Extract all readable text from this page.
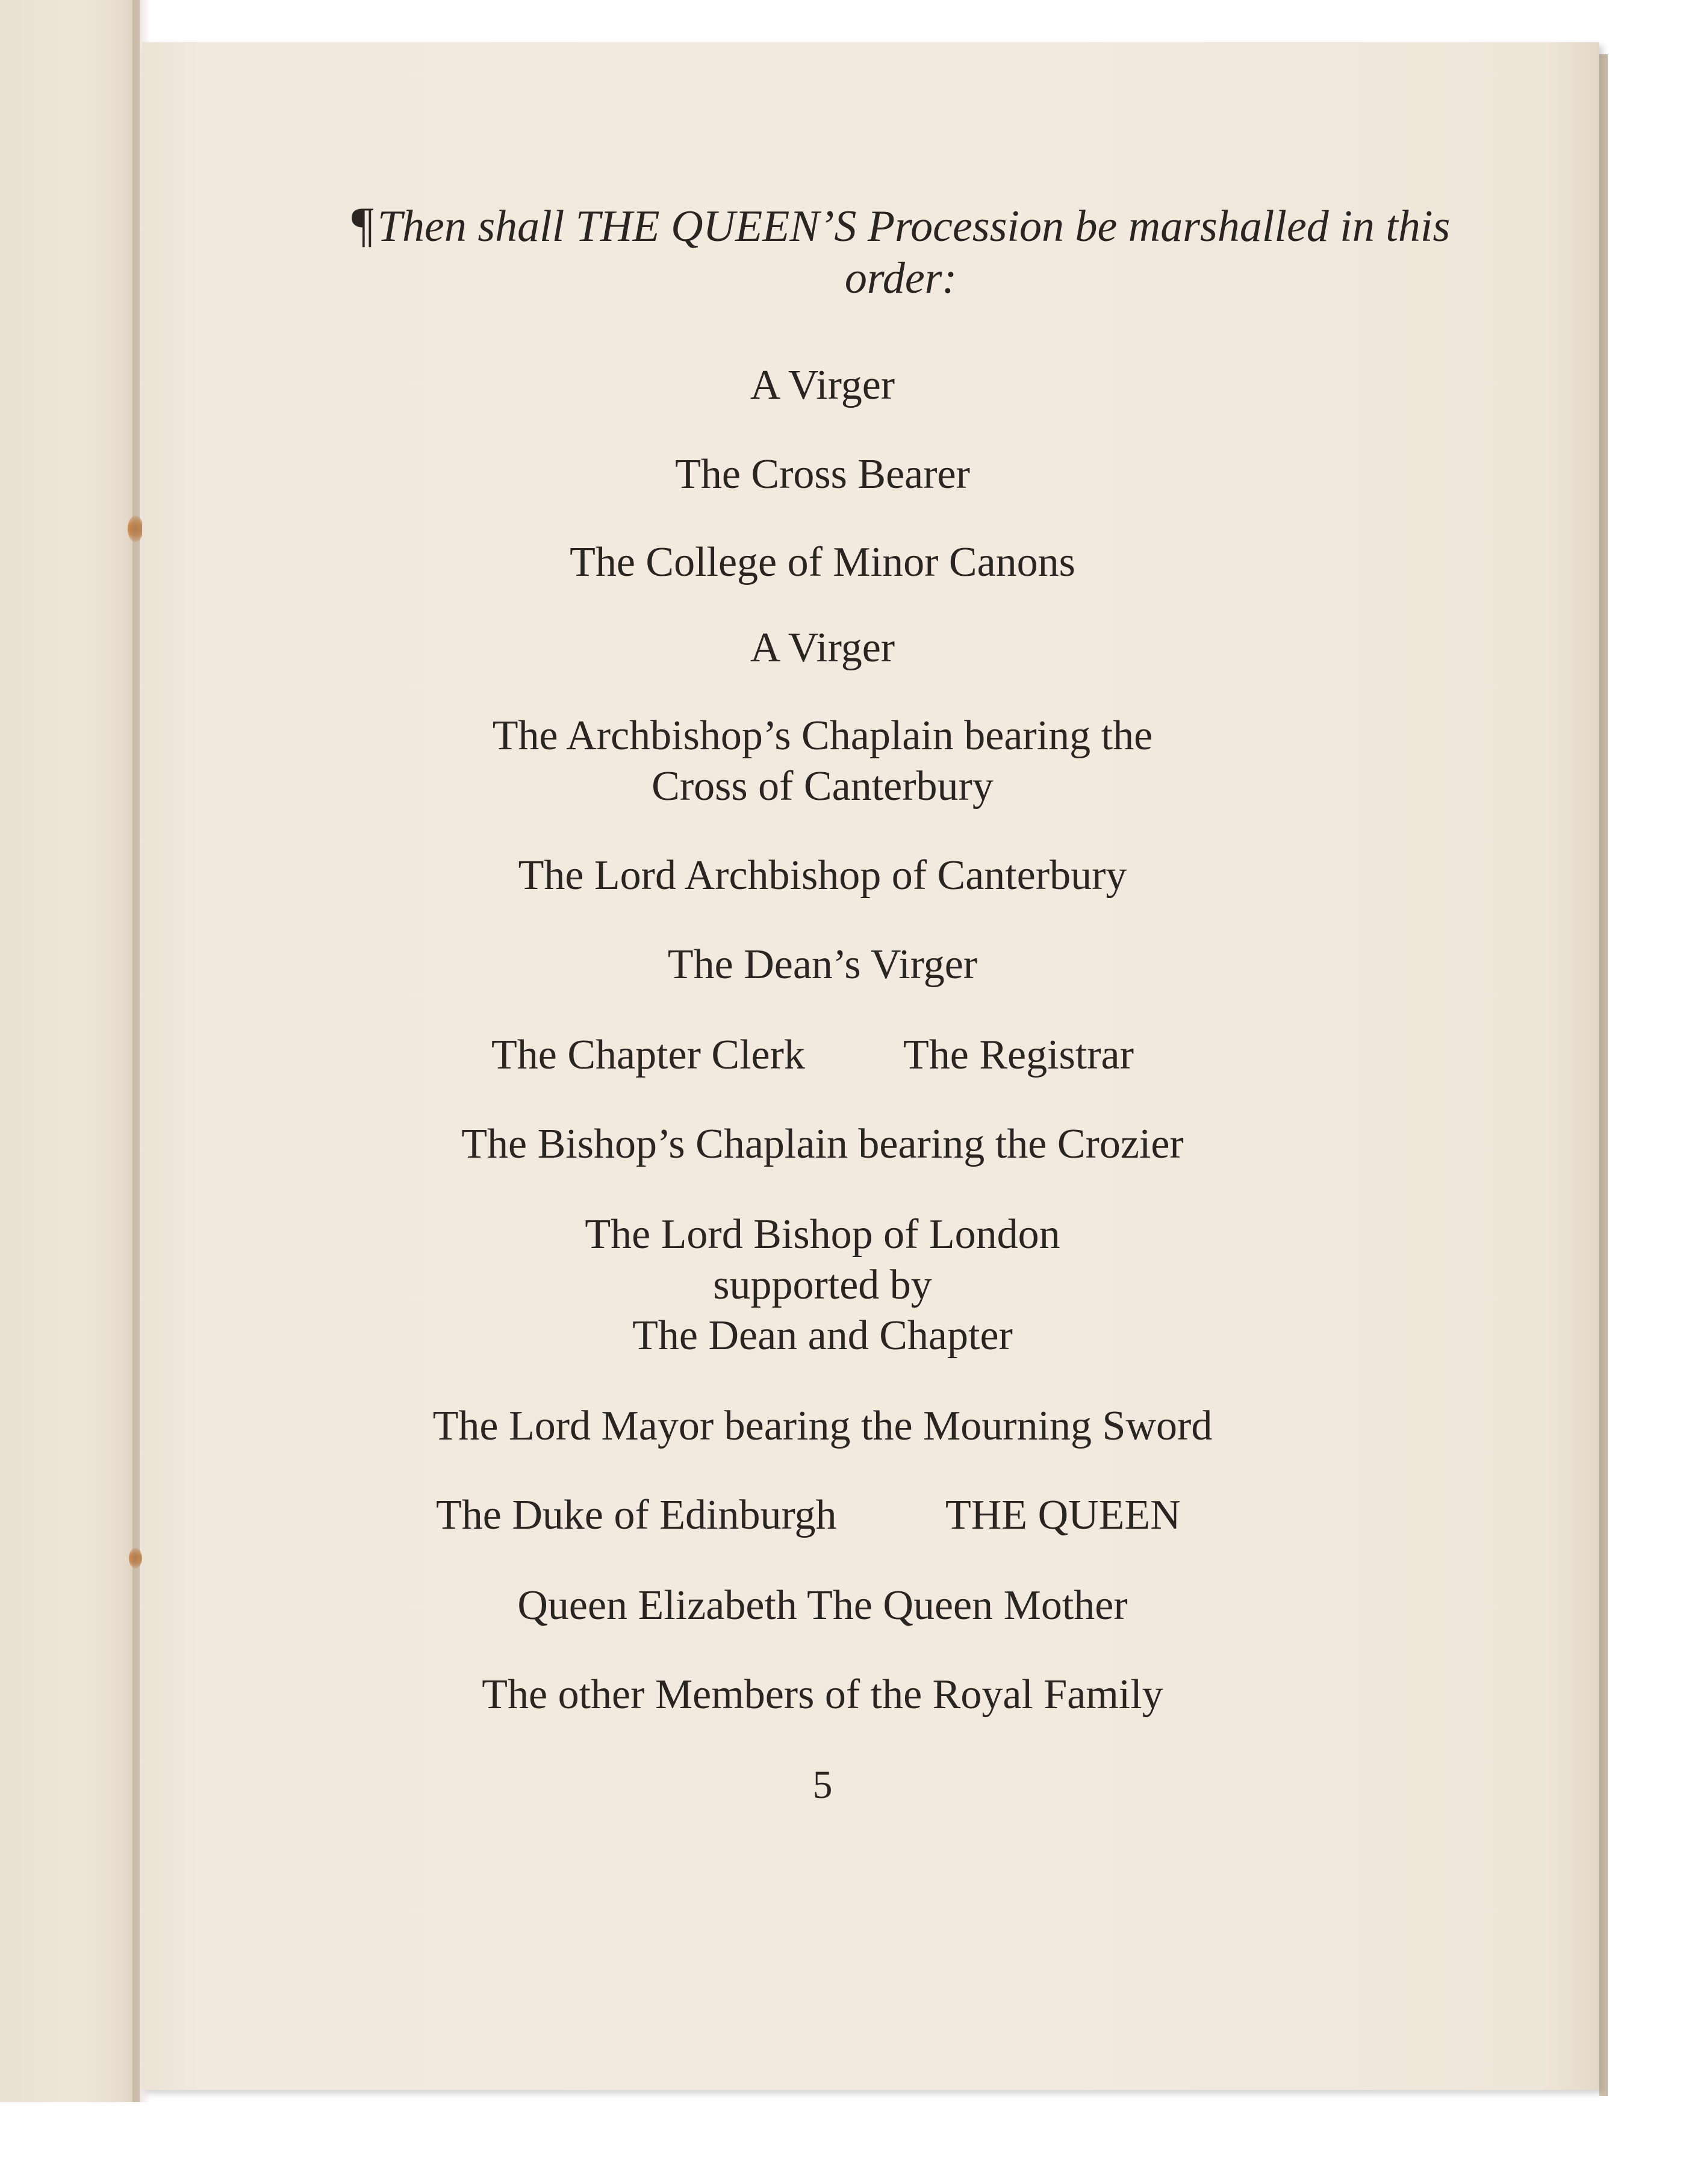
¶Then shall THE QUEEN’S Procession be marshalled in this order:
A Virger
The Cross Bearer
The College of Minor Canons
A Virger
The Archbishop’s Chaplain bearing the
Cross of Canterbury
The Lord Archbishop of Canterbury
The Dean’s Virger
The Chapter Clerk The Registrar
The Bishop’s Chaplain bearing the Crozier
The Lord Bishop of London
supported by
The Dean and Chapter
The Lord Mayor bearing the Mourning Sword
The Duke of Edinburgh	THE QUEEN
Queen Elizabeth The Queen Mother
The other Members of the Royal Family
5
